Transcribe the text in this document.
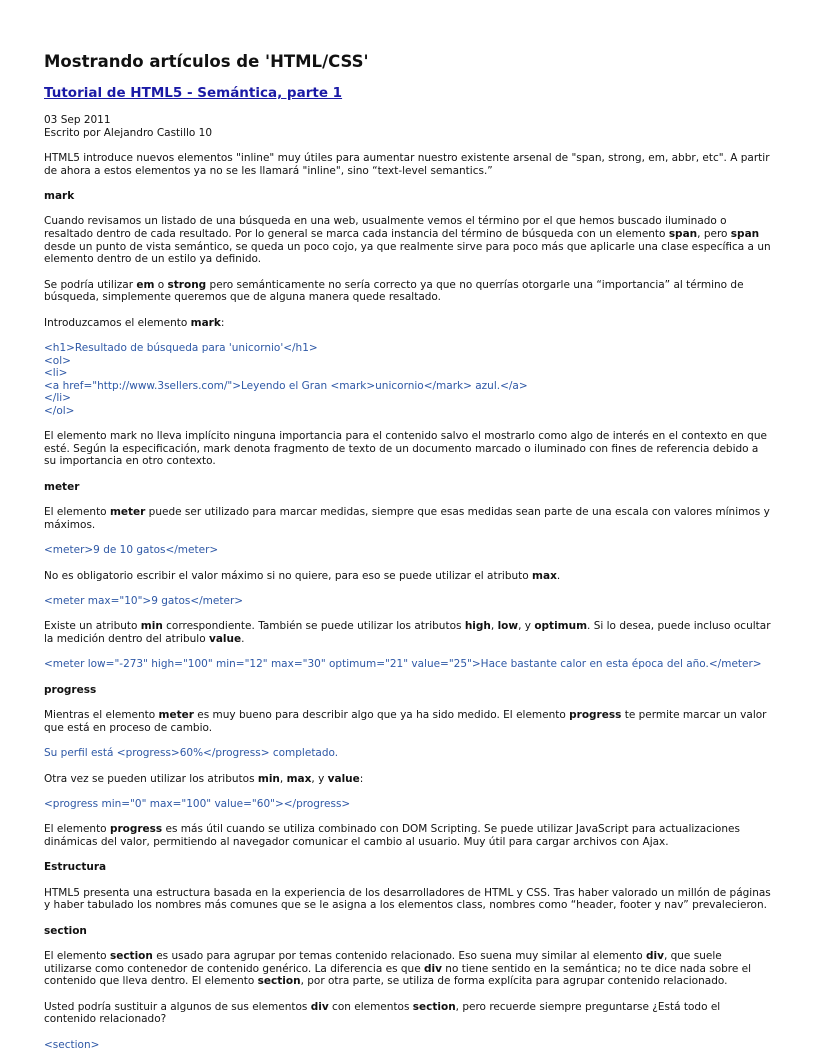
Mostrando artículos de 'HTML/CSS'
Tutorial de HTML5 - Semántica, parte 1
03 Sep 2011
Escrito por Alejandro Castillo 10

HTML5 introduce nuevos elementos "inline" muy útiles para aumentar nuestro existente arsenal de "span, strong, em, abbr, etc". A partir de ahora a estos elementos ya no se les llamará "inline", sino “text-level semantics.”

mark

Cuando revisamos un listado de una búsqueda en una web, usualmente vemos el término por el que hemos buscado iluminado o resaltado dentro de cada resultado. Por lo general se marca cada instancia del término de búsqueda con un elemento span, pero span desde un punto de vista semántico, se queda un poco cojo, ya que realmente sirve para poco más que aplicarle una clase específica a un elemento dentro de un estilo ya definido.

Se podría utilizar em o strong pero semánticamente no sería correcto ya que no querrías otorgarle una “importancia” al término de búsqueda, simplemente queremos que de alguna manera quede resaltado.

Introduzcamos el elemento mark:

<h1>Resultado de búsqueda para 'unicornio'</h1>
<ol>
<li>
<a href="http://www.3sellers.com/">Leyendo el Gran <mark>unicornio</mark> azul.</a>
</li>
</ol>

El elemento mark no lleva implícito ninguna importancia para el contenido salvo el mostrarlo como algo de interés en el contexto en que esté. Según la especificación, mark denota fragmento de texto de un documento marcado o iluminado con fines de referencia debido a su importancia en otro contexto.

meter

El elemento meter puede ser utilizado para marcar medidas, siempre que esas medidas sean parte de una escala con valores mínimos y máximos.

<meter>9 de 10 gatos</meter>

No es obligatorio escribir el valor máximo si no quiere, para eso se puede utilizar el atributo max.

<meter max="10">9 gatos</meter>

Existe un atributo min correspondiente. También se puede utilizar los atributos high, low, y optimum. Si lo desea, puede incluso ocultar la medición dentro del atribulo value.

<meter low="-273" high="100" min="12" max="30" optimum="21" value="25">Hace bastante calor en esta época del año.</meter>
progress

Mientras el elemento meter es muy bueno para describir algo que ya ha sido medido. El elemento progress te permite marcar un valor que está en proceso de cambio.

Su perfil está <progress>60%</progress> completado.

Otra vez se pueden utilizar los atributos min, max, y value:

<progress min="0" max="100" value="60"></progress>

El elemento progress es más útil cuando se utiliza combinado con DOM Scripting. Se puede utilizar JavaScript para actualizaciones dinámicas del valor, permitiendo al navegador comunicar el cambio al usuario. Muy útil para cargar archivos con Ajax.

Estructura

HTML5 presenta una estructura basada en la experiencia de los desarrolladores de HTML y CSS. Tras haber valorado un millón de páginas y haber tabulado los nombres más comunes que se le asigna a los elementos class, nombres como “header, footer y nav” prevalecieron.

section

El elemento section es usado para agrupar por temas contenido relacionado. Eso suena muy similar al elemento div, que suele utilizarse como contenedor de contenido genérico. La diferencia es que div no tiene sentido en la semántica; no te dice nada sobre el contenido que lleva dentro. El elemento section, por otra parte, se utiliza de forma explícita para agrupar contenido relacionado.

Usted podría sustituir a algunos de sus elementos div con elementos section, pero recuerde siempre preguntarse ¿Está todo el contenido relacionado?

<section>
